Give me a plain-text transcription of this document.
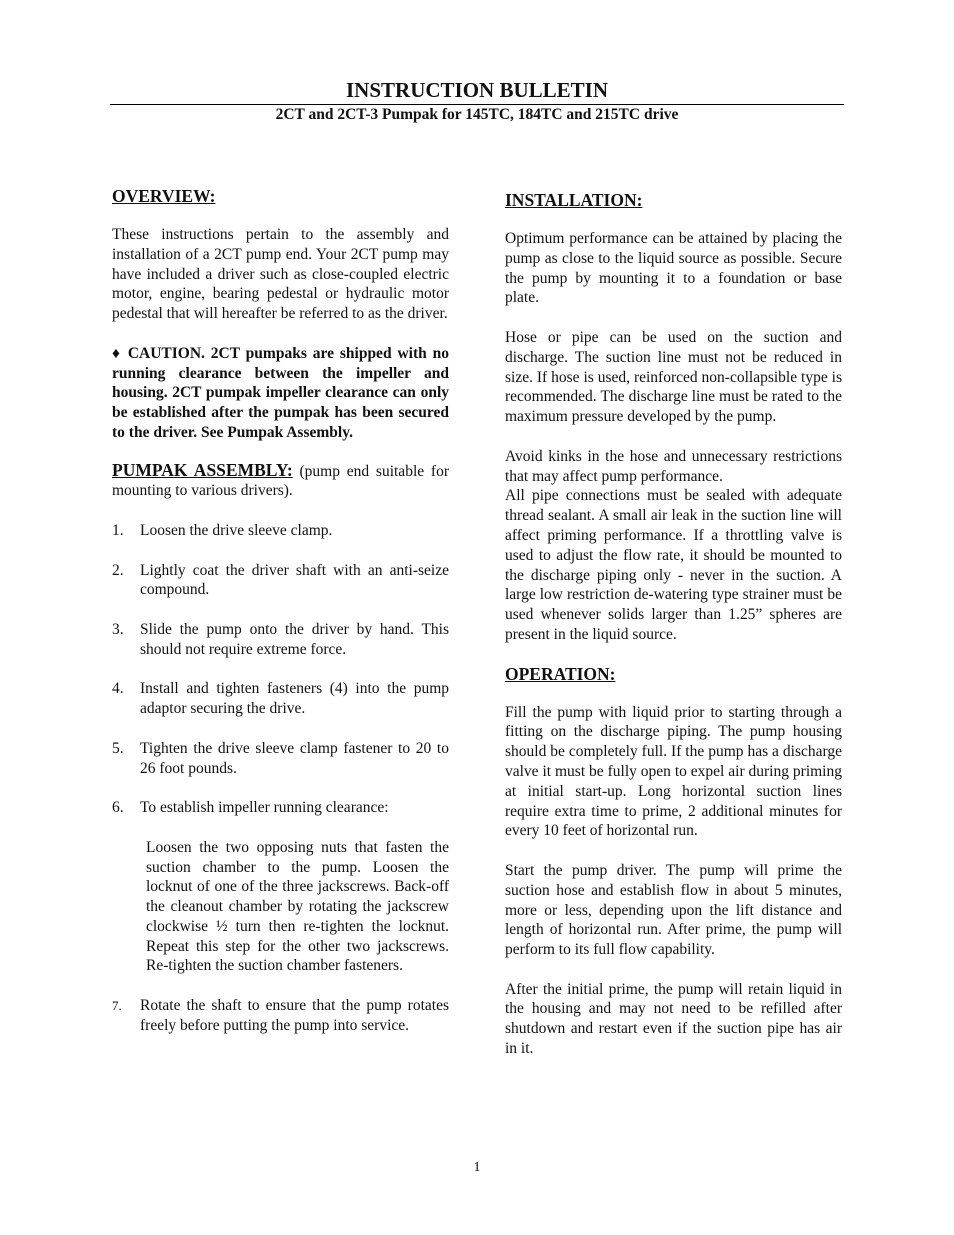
INSTRUCTION BULLETIN
2CT and 2CT-3 Pumpak for 145TC, 184TC and 215TC drive
OVERVIEW:

These instructions pertain to the assembly and installation of a 2CT pump end. Your 2CT pump may have included a driver such as close-coupled electric motor, engine, bearing pedestal or hydraulic motor pedestal that will hereafter be referred to as the driver.

♦ CAUTION. 2CT pumpaks are shipped with no running clearance between the impeller and housing. 2CT pumpak impeller clearance can only be established after the pumpak has been secured to the driver. See Pumpak Assembly.

PUMPAK ASSEMBLY: (pump end suitable for mounting to various drivers).

1. Loosen the drive sleeve clamp.
2. Lightly coat the driver shaft with an anti-seize compound.
3. Slide the pump onto the driver by hand. This should not require extreme force.
4. Install and tighten fasteners (4) into the pump adaptor securing the drive.
5. Tighten the drive sleeve clamp fastener to 20 to 26 foot pounds.
6. To establish impeller running clearance:

Loosen the two opposing nuts that fasten the suction chamber to the pump. Loosen the locknut of one of the three jackscrews. Back-off the cleanout chamber by rotating the jackscrew clockwise ½ turn then re-tighten the locknut. Repeat this step for the other two jackscrews. Re-tighten the suction chamber fasteners.

7. Rotate the shaft to ensure that the pump rotates freely before putting the pump into service.
INSTALLATION:

Optimum performance can be attained by placing the pump as close to the liquid source as possible. Secure the pump by mounting it to a foundation or base plate.

Hose or pipe can be used on the suction and discharge. The suction line must not be reduced in size. If hose is used, reinforced non-collapsible type is recommended. The discharge line must be rated to the maximum pressure developed by the pump.

Avoid kinks in the hose and unnecessary restrictions that may affect pump performance.

All pipe connections must be sealed with adequate thread sealant. A small air leak in the suction line will affect priming performance. If a throttling valve is used to adjust the flow rate, it should be mounted to the discharge piping only - never in the suction. A large low restriction de-watering type strainer must be used whenever solids larger than 1.25” spheres are present in the liquid source.

OPERATION:

Fill the pump with liquid prior to starting through a fitting on the discharge piping. The pump housing should be completely full. If the pump has a discharge valve it must be fully open to expel air during priming at initial start-up. Long horizontal suction lines require extra time to prime, 2 additional minutes for every 10 feet of horizontal run.

Start the pump driver. The pump will prime the suction hose and establish flow in about 5 minutes, more or less, depending upon the lift distance and length of horizontal run. After prime, the pump will perform to its full flow capability.

After the initial prime, the pump will retain liquid in the housing and may not need to be refilled after shutdown and restart even if the suction pipe has air in it.

1
